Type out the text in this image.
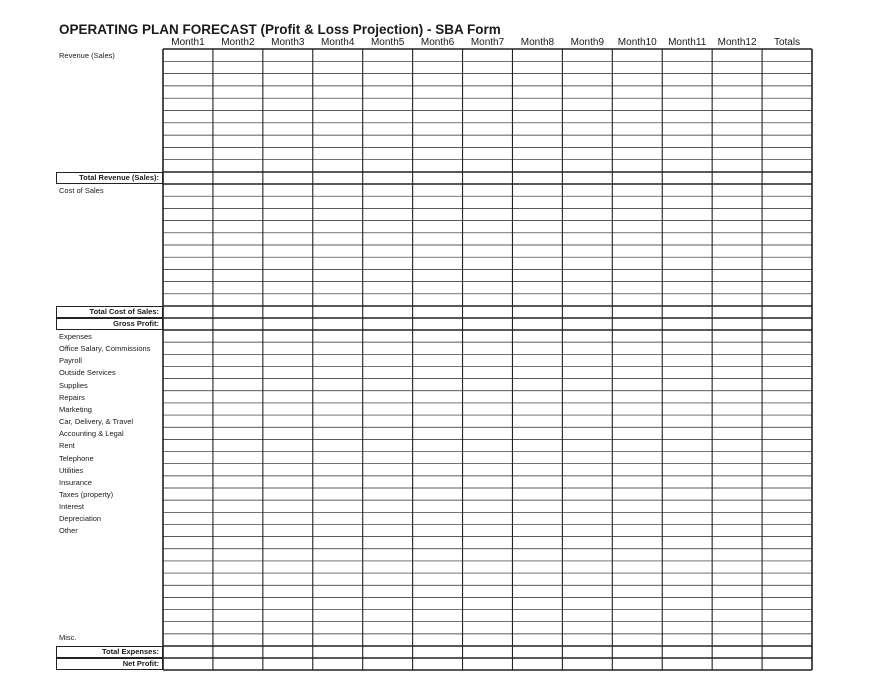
OPERATING PLAN FORECAST (Profit & Loss Projection) - SBA Form
Month1	Month2	Month3	Month4	Month5	Month6	Month7	Month8	Month9	Month10	Month11	Month12	Totals
Revenue (Sales)
Total Revenue (Sales):
Cost of Sales
Total Cost of Sales:
Gross Profit:
Expenses
Office Salary, Commissions
Payroll
Outside Services
Supplies
Repairs
Marketing
Car, Delivery, & Travel
Accounting & Legal
Rent
Telephone
Utilities
Insurance
Taxes (property)
Interest
Depreciation
Other
Misc.
Total Expenses:
Net Profit:
